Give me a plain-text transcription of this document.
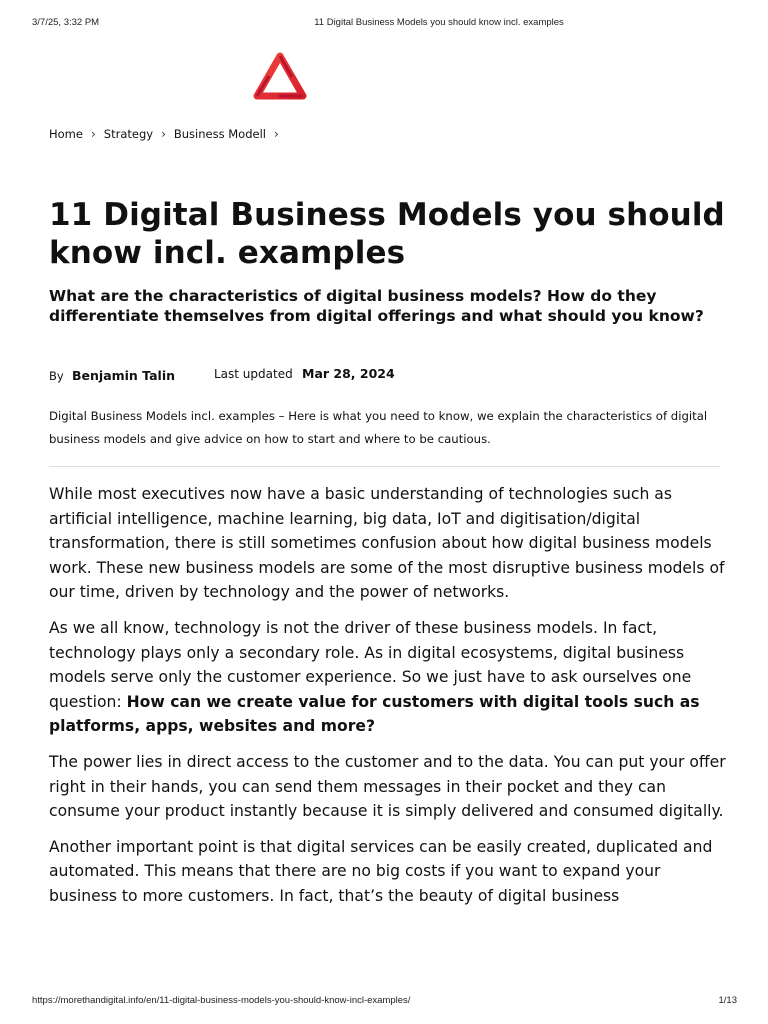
3/7/25, 3:32 PM	11 Digital Business Models you should know incl. examples
Home › Strategy › Business Modell ›
11 Digital Business Models you should know incl. examples
What are the characteristics of digital business models? How do they differentiate themselves from digital offerings and what should you know?
By Benjamin Talin	Last updated Mar 28, 2024

Digital Business Models incl. examples – Here is what you need to know, we explain the characteristics of digital business models and give advice on how to start and where to be cautious.

While most executives now have a basic understanding of technologies such as artificial intelligence, machine learning, big data, IoT and digitisation/digital transformation, there is still sometimes confusion about how digital business models work. These new business models are some of the most disruptive business models of our time, driven by technology and the power of networks.

As we all know, technology is not the driver of these business models. In fact, technology plays only a secondary role. As in digital ecosystems, digital business models serve only the customer experience. So we just have to ask ourselves one question: How can we create value for customers with digital tools such as platforms, apps, websites and more?

The power lies in direct access to the customer and to the data. You can put your offer right in their hands, you can send them messages in their pocket and they can consume your product instantly because it is simply delivered and consumed digitally.

Another important point is that digital services can be easily created, duplicated and automated. This means that there are no big costs if you want to expand your business to more customers. In fact, that’s the beauty of digital business

https://morethandigital.info/en/11-digital-business-models-you-should-know-incl-examples/	1/13
